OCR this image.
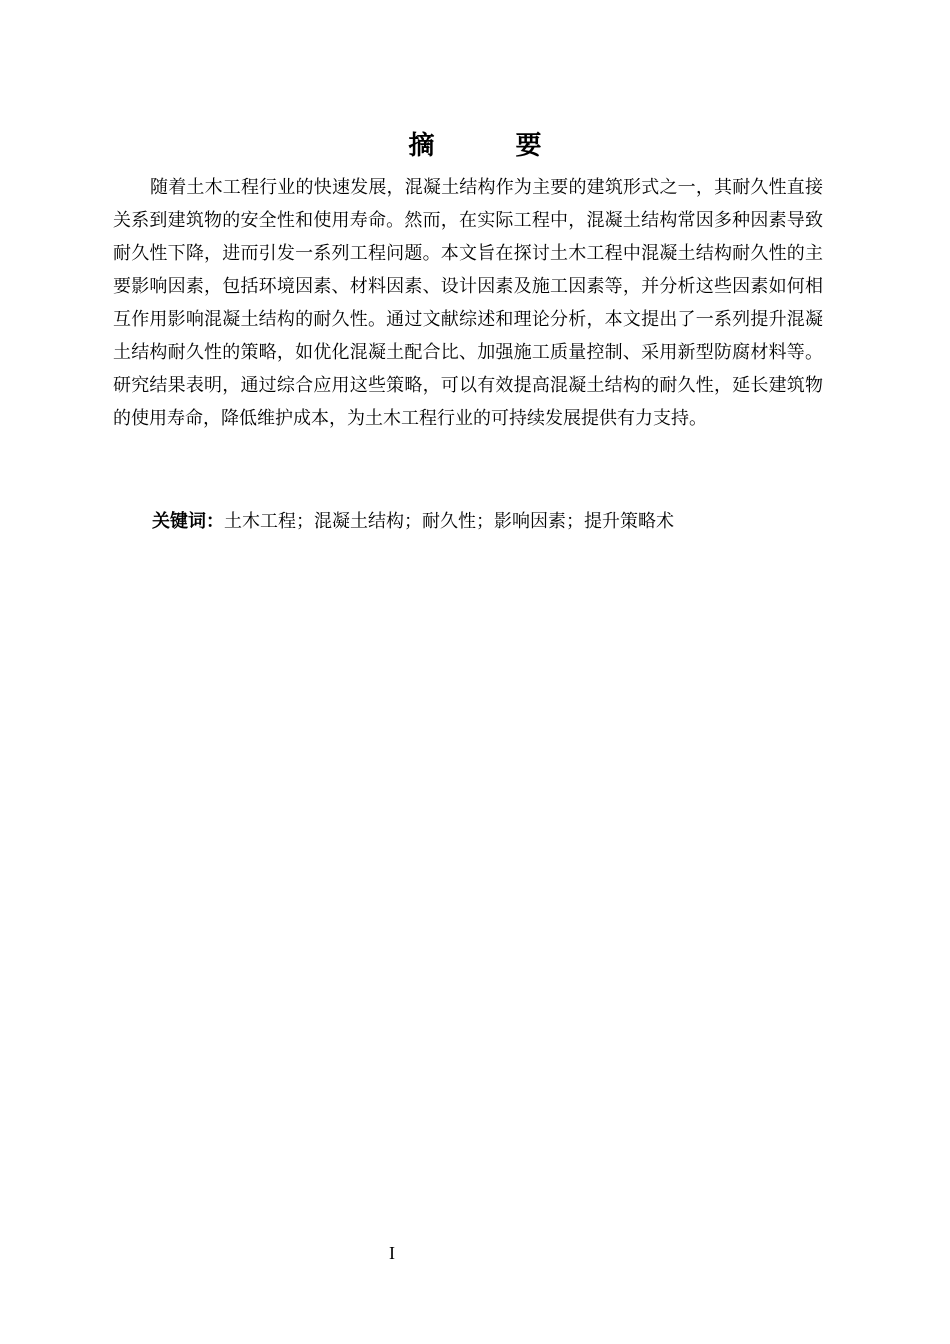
摘 要

随着土木工程行业的快速发展，混凝土结构作为主要的建筑形式之一，其耐久性直接关系到建筑物的安全性和使用寿命。然而，在实际工程中，混凝土结构常因多种因素导致耐久性下降，进而引发一系列工程问题。本文旨在探讨土木工程中混凝土结构耐久性的主要影响因素，包括环境因素、材料因素、设计因素及施工因素等，并分析这些因素如何相互作用影响混凝土结构的耐久性。通过文献综述和理论分析，本文提出了一系列提升混凝土结构耐久性的策略，如优化混凝土配合比、加强施工质量控制、采用新型防腐材料等。研究结果表明，通过综合应用这些策略，可以有效提高混凝土结构的耐久性，延长建筑物的使用寿命，降低维护成本，为土木工程行业的可持续发展提供有力支持。

关键词：土木工程；混凝土结构；耐久性；影响因素；提升策略术
I
